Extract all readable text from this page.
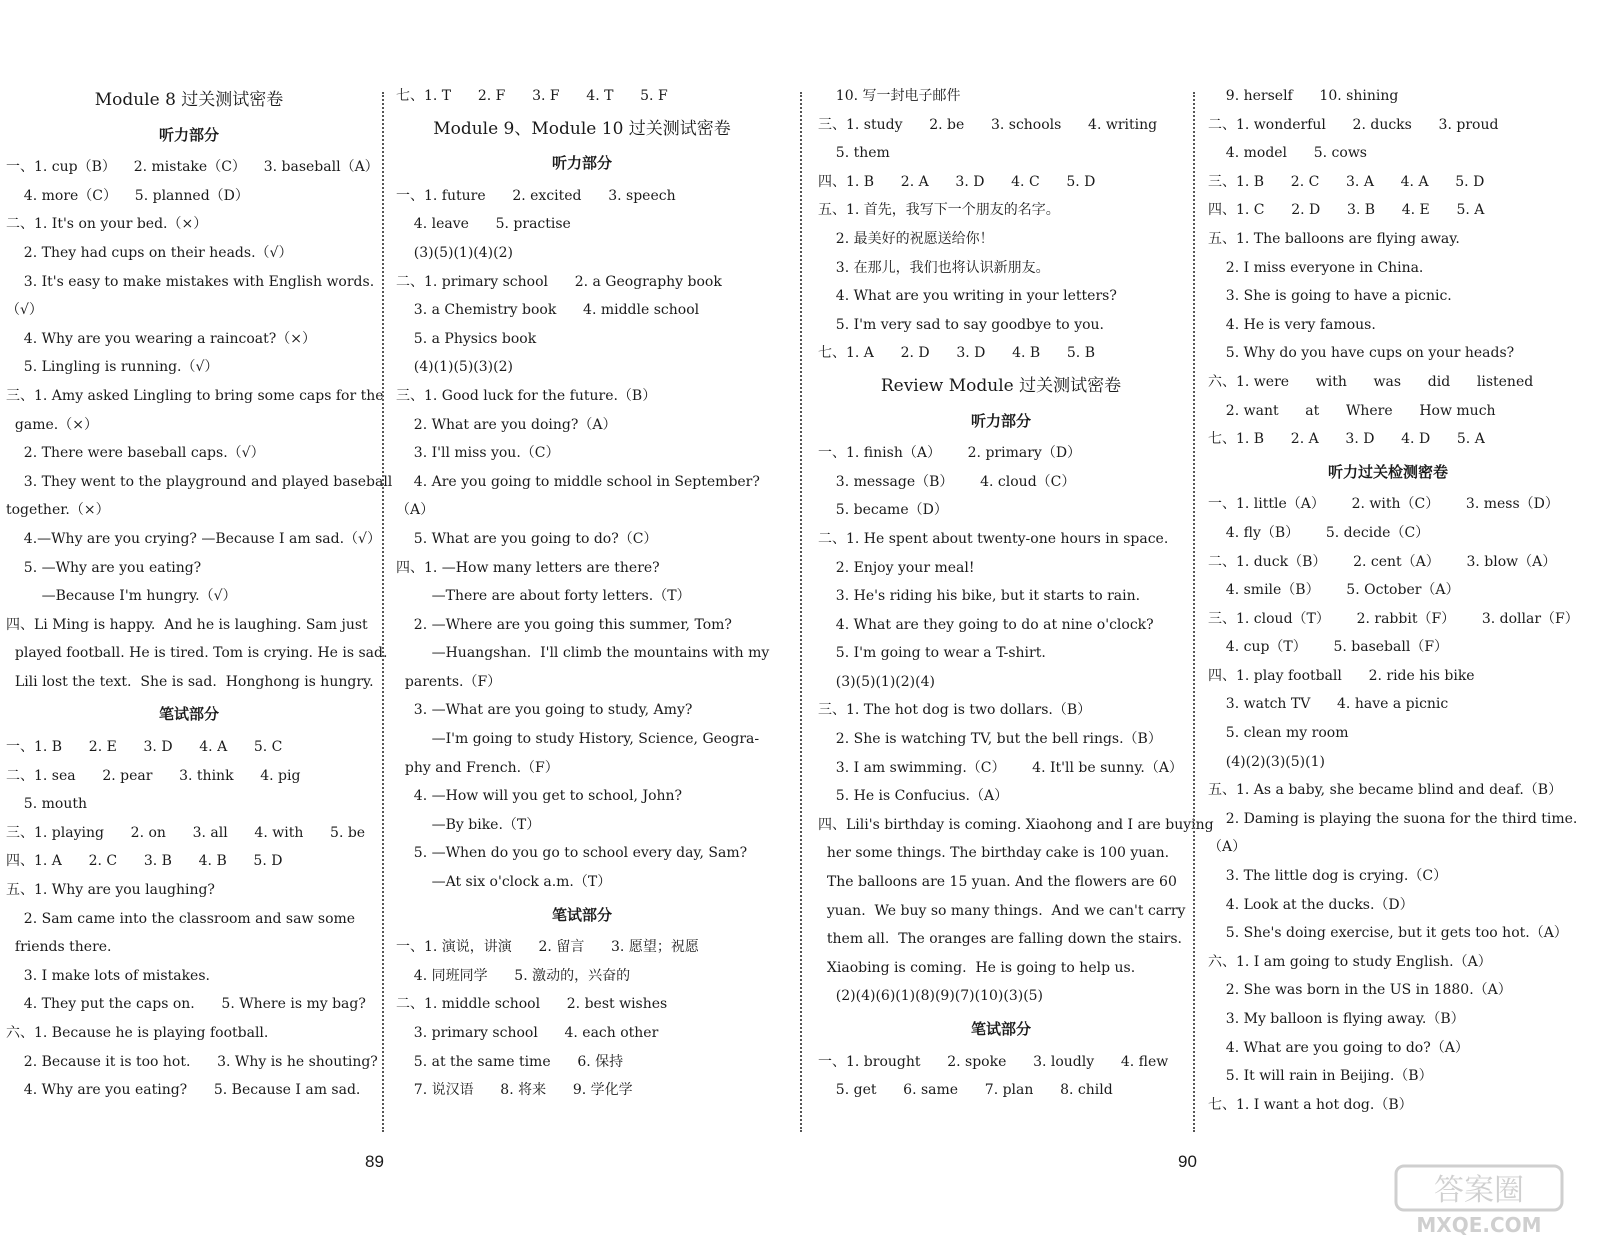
Module 8 过关测试密卷
听力部分
一、1. cup（B）    2. mistake（C）    3. baseball（A）
4. more（C）    5. planned（D）
二、1. It's on your bed.（×）
2. They had cups on their heads.（√）
3. It's easy to make mistakes with English words.
（√）
4. Why are you wearing a raincoat?（×）
5. Lingling is running.（√）
三、1. Amy asked Lingling to bring some caps for the
game.（×）
2. There were baseball caps.（√）
3. They went to the playground and played baseball
together.（×）
4.—Why are you crying? —Because I am sad.（√）
5. —Why are you eating?
—Because I'm hungry.（√）
四、Li Ming is happy.  And he is laughing. Sam just
played football. He is tired. Tom is crying. He is sad.
Lili lost the text.  She is sad.  Honghong is hungry.
笔试部分
一、1. B      2. E      3. D      4. A      5. C
二、1. sea      2. pear      3. think      4. pig
5. mouth
三、1. playing      2. on      3. all      4. with      5. be
四、1. A      2. C      3. B      4. B      5. D
五、1. Why are you laughing?
2. Sam came into the classroom and saw some
friends there.
3. I make lots of mistakes.
4. They put the caps on.      5. Where is my bag?
六、1. Because he is playing football.
2. Because it is too hot.      3. Why is he shouting?
4. Why are you eating?      5. Because I am sad.
七、1. T      2. F      3. F      4. T      5. F
Module 9、Module 10 过关测试密卷
听力部分
一、1. future      2. excited      3. speech
4. leave      5. practise
(3)(5)(1)(4)(2)
二、1. primary school      2. a Geography book
3. a Chemistry book      4. middle school
5. a Physics book
(4)(1)(5)(3)(2)
三、1. Good luck for the future.（B）
2. What are you doing?（A）
3. I'll miss you.（C）
4. Are you going to middle school in September?
（A）
5. What are you going to do?（C）
四、1. —How many letters are there?
—There are about forty letters.（T）
2. —Where are you going this summer, Tom?
—Huangshan.  I'll climb the mountains with my
parents.（F）
3. —What are you going to study, Amy?
—I'm going to study History, Science, Geogra-
phy and French.（F）
4. —How will you get to school, John?
—By bike.（T）
5. —When do you go to school every day, Sam?
—At six o'clock a.m.（T）
笔试部分
一、1. 演说，讲演      2. 留言      3. 愿望；祝愿
4. 同班同学      5. 激动的，兴奋的
二、1. middle school      2. best wishes
3. primary school      4. each other
5. at the same time      6. 保持
7. 说汉语      8. 将来      9. 学化学
10. 写一封电子邮件
三、1. study      2. be      3. schools      4. writing
5. them
四、1. B      2. A      3. D      4. C      5. D
五、1. 首先，我写下一个朋友的名字。
2. 最美好的祝愿送给你！
3. 在那儿，我们也将认识新朋友。
4. What are you writing in your letters?
5. I'm very sad to say goodbye to you.
七、1. A      2. D      3. D      4. B      5. B
Review Module 过关测试密卷
听力部分
一、1. finish（A）      2. primary（D）
3. message（B）      4. cloud（C）
5. became（D）
二、1. He spent about twenty-one hours in space.
2. Enjoy your meal!
3. He's riding his bike, but it starts to rain.
4. What are they going to do at nine o'clock?
5. I'm going to wear a T-shirt.
(3)(5)(1)(2)(4)
三、1. The hot dog is two dollars.（B）
2. She is watching TV, but the bell rings.（B）
3. I am swimming.（C）      4. It'll be sunny.（A）
5. He is Confucius.（A）
四、Lili's birthday is coming. Xiaohong and I are buying
her some things. The birthday cake is 100 yuan.
The balloons are 15 yuan. And the flowers are 60
yuan.  We buy so many things.  And we can't carry
them all.  The oranges are falling down the stairs.
Xiaobing is coming.  He is going to help us.
(2)(4)(6)(1)(8)(9)(7)(10)(3)(5)
笔试部分
一、1. brought      2. spoke      3. loudly      4. flew
5. get      6. same      7. plan      8. child
9. herself      10. shining
二、1. wonderful      2. ducks      3. proud
4. model      5. cows
三、1. B      2. C      3. A      4. A      5. D
四、1. C      2. D      3. B      4. E      5. A
五、1. The balloons are flying away.
2. I miss everyone in China.
3. She is going to have a picnic.
4. He is very famous.
5. Why do you have cups on your heads?
六、1. were      with      was      did      listened
2. want      at      Where      How much
七、1. B      2. A      3. D      4. D      5. A
听力过关检测密卷
一、1. little（A）      2. with（C）      3. mess（D）
4. fly（B）      5. decide（C）
二、1. duck（B）      2. cent（A）      3. blow（A）
4. smile（B）      5. October（A）
三、1. cloud（T）      2. rabbit（F）      3. dollar（F）
4. cup（T）      5. baseball（F）
四、1. play football      2. ride his bike
3. watch TV      4. have a picnic
5. clean my room
(4)(2)(3)(5)(1)
五、1. As a baby, she became blind and deaf.（B）
2. Daming is playing the suona for the third time.
（A）
3. The little dog is crying.（C）
4. Look at the ducks.（D）
5. She's doing exercise, but it gets too hot.（A）
六、1. I am going to study English.（A）
2. She was born in the US in 1880.（A）
3. My balloon is flying away.（B）
4. What are you going to do?（A）
5. It will rain in Beijing.（B）
七、1. I want a hot dog.（B）
89	90
答案圈
MXQE.COM
